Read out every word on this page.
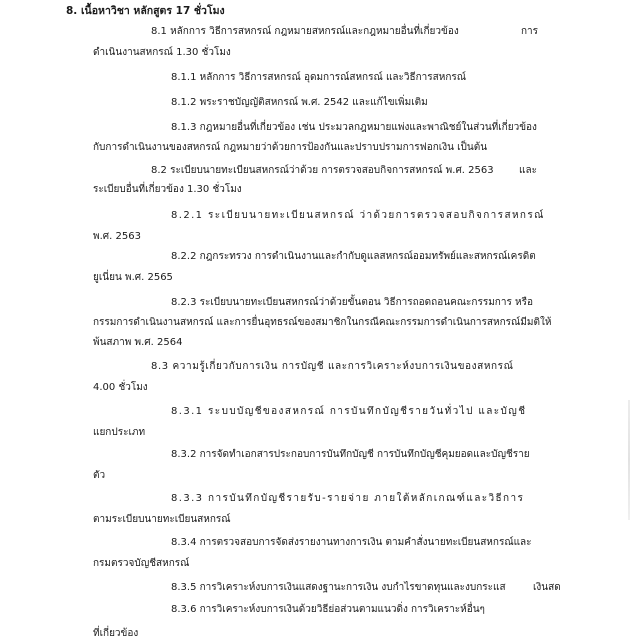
8. เนื้อหาวิชา หลักสูตร 17 ชั่วโมง
8.1 หลักการ วิธีการสหกรณ์ กฎหมายสหกรณ์และกฎหมายอื่นที่เกี่ยวข้อง	การ
ดำเนินงานสหกรณ์ 1.30 ชั่วโมง
8.1.1 หลักการ วิธีการสหกรณ์ อุดมการณ์สหกรณ์ และวิธีการสหกรณ์
8.1.2 พระราชบัญญัติสหกรณ์ พ.ศ. 2542 และแก้ไขเพิ่มเติม
8.1.3 กฎหมายอื่นที่เกี่ยวข้อง เช่น ประมวลกฎหมายแพ่งและพาณิชย์ในส่วนที่เกี่ยวข้อง
กับการดำเนินงานของสหกรณ์ กฎหมายว่าด้วยการป้องกันและปราบปรามการฟอกเงิน เป็นต้น
8.2 ระเบียบนายทะเบียนสหกรณ์ว่าด้วย การตรวจสอบกิจการสหกรณ์ พ.ศ. 2563	และ
ระเบียบอื่นที่เกี่ยวข้อง 1.30 ชั่วโมง
8.2.1 ระเบียบนายทะเบียนสหกรณ์ ว่าด้วยการตรวจสอบกิจการสหกรณ์
พ.ศ. 2563
8.2.2 กฎกระทรวง การดำเนินงานและกำกับดูแลสหกรณ์ออมทรัพย์และสหกรณ์เครดิต
ยูเนี่ยน พ.ศ. 2565
8.2.3 ระเบียบนายทะเบียนสหกรณ์ว่าด้วยขั้นตอน วิธีการถอดถอนคณะกรรมการ หรือ
กรรมการดำเนินงานสหกรณ์ และการยื่นอุทธรณ์ของสมาชิกในกรณีคณะกรรมการดำเนินการสหกรณ์มีมติให้
พ้นสภาพ พ.ศ. 2564
8.3 ความรู้เกี่ยวกับการเงิน การบัญชี และการวิเคราะห์งบการเงินของสหกรณ์
4.00 ชั่วโมง
8.3.1 ระบบบัญชีของสหกรณ์ การบันทึกบัญชีรายวันทั่วไป และบัญชี
แยกประเภท
8.3.2 การจัดทำเอกสารประกอบการบันทึกบัญชี การบันทึกบัญชีคุมยอดและบัญชีราย
ตัว
8.3.3 การบันทึกบัญชีรายรับ-รายจ่าย ภายใต้หลักเกณฑ์และวิธีการ
ตามระเบียบนายทะเบียนสหกรณ์
8.3.4 การตรวจสอบการจัดส่งรายงานทางการเงิน ตามคำสั่งนายทะเบียนสหกรณ์และ
กรมตรวจบัญชีสหกรณ์
8.3.5 การวิเคราะห์งบการเงินแสดงฐานะการเงิน งบกำไรขาดทุนและงบกระแส	เงินสด
8.3.6 การวิเคราะห์งบการเงินด้วยวิธีย่อส่วนตามแนวดิ่ง การวิเคราะห์อื่นๆ
ที่เกี่ยวข้อง
